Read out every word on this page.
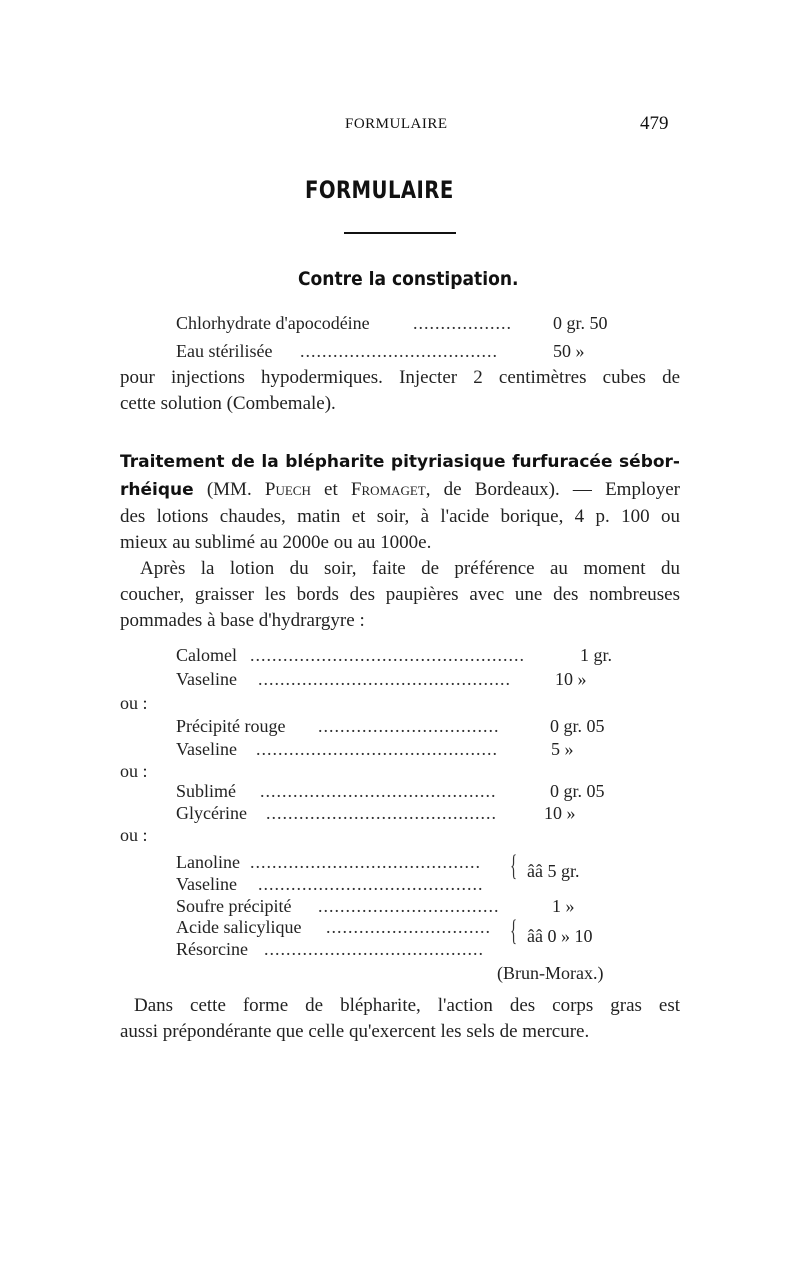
FORMULAIRE	479
FORMULAIRE
Contre la constipation.
Chlorhydrate d'apocodéine .................. 0 gr. 50
Eau stérilisée ....................................	50 »

pour injections hypodermiques. Injecter 2 centimètres cubes de

cette solution (Combemale).

Traitement de la blépharite pityriasique furfuracée sébor-

rhéique (MM. Puech et Fromaget, de Bordeaux). — Employer

des lotions chaudes, matin et soir, à l'acide borique, 4 p. 100 ou

mieux au sublimé au 2000e ou au 1000e.

Après la lotion du soir, faite de préférence au moment du

coucher, graisser les bords des paupières avec une des nombreuses

pommades à base d'hydrargyre :

Calomel ..................................................	1 gr.
Vaseline ..............................................	10 »
ou :
Précipité rouge .................................	0 gr. 05
Vaseline ............................................	5 »
ou :
Sublimé ...........................................	0 gr. 05
Glycérine ..........................................	10 »
ou :
Lanoline ..........................................
Vaseline .........................................
{ ââ 5 gr.
Soufre précipité .................................	1 »
Acide salicylique ..............................
Résorcine ........................................
{ ââ 0 » 10
(Brun-Moraх.)

Dans cette forme de blépharite, l'action des corps gras est

aussi prépondérante que celle qu'exercent les sels de mercure.
